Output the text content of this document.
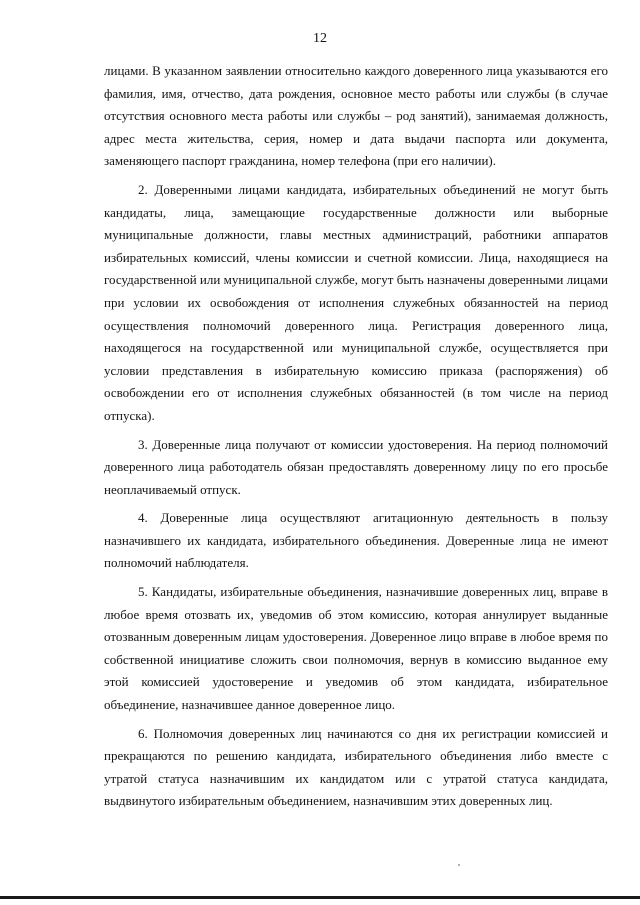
12

лицами. В указанном заявлении относительно каждого доверенного лица указываются его фамилия, имя, отчество, дата рождения, основное место работы или службы (в случае отсутствия основного места работы или службы – род занятий), занимаемая должность, адрес места жительства, серия, номер и дата выдачи паспорта или документа, заменяющего паспорт гражданина, номер телефона (при его наличии).

2. Доверенными лицами кандидата, избирательных объединений не могут быть кандидаты, лица, замещающие государственные должности или выборные муниципальные должности, главы местных администраций, работники аппаратов избирательных комиссий, члены комиссии и счетной комиссии. Лица, находящиеся на государственной или муниципальной службе, могут быть назначены доверенными лицами при условии их освобождения от исполнения служебных обязанностей на период осуществления полномочий доверенного лица. Регистрация доверенного лица, находящегося на государственной или муниципальной службе, осуществляется при условии представления в избирательную комиссию приказа (распоряжения) об освобождении его от исполнения служебных обязанностей (в том числе на период отпуска).

3. Доверенные лица получают от комиссии удостоверения. На период полномочий доверенного лица работодатель обязан предоставлять доверенному лицу по его просьбе неоплачиваемый отпуск.

4. Доверенные лица осуществляют агитационную деятельность в пользу назначившего их кандидата, избирательного объединения. Доверенные лица не имеют полномочий наблюдателя.

5. Кандидаты, избирательные объединения, назначившие доверенных лиц, вправе в любое время отозвать их, уведомив об этом комиссию, которая аннулирует выданные отозванным доверенным лицам удостоверения. Доверенное лицо вправе в любое время по собственной инициативе сложить свои полномочия, вернув в комиссию выданное ему этой комиссией удостоверение и уведомив об этом кандидата, избирательное объединение, назначившее данное доверенное лицо.

6. Полномочия доверенных лиц начинаются со дня их регистрации комиссией и прекращаются по решению кандидата, избирательного объединения либо вместе с утратой статуса назначившим их кандидатом или с утратой статуса кандидата, выдвинутого избирательным объединением, назначившим этих доверенных лиц.
